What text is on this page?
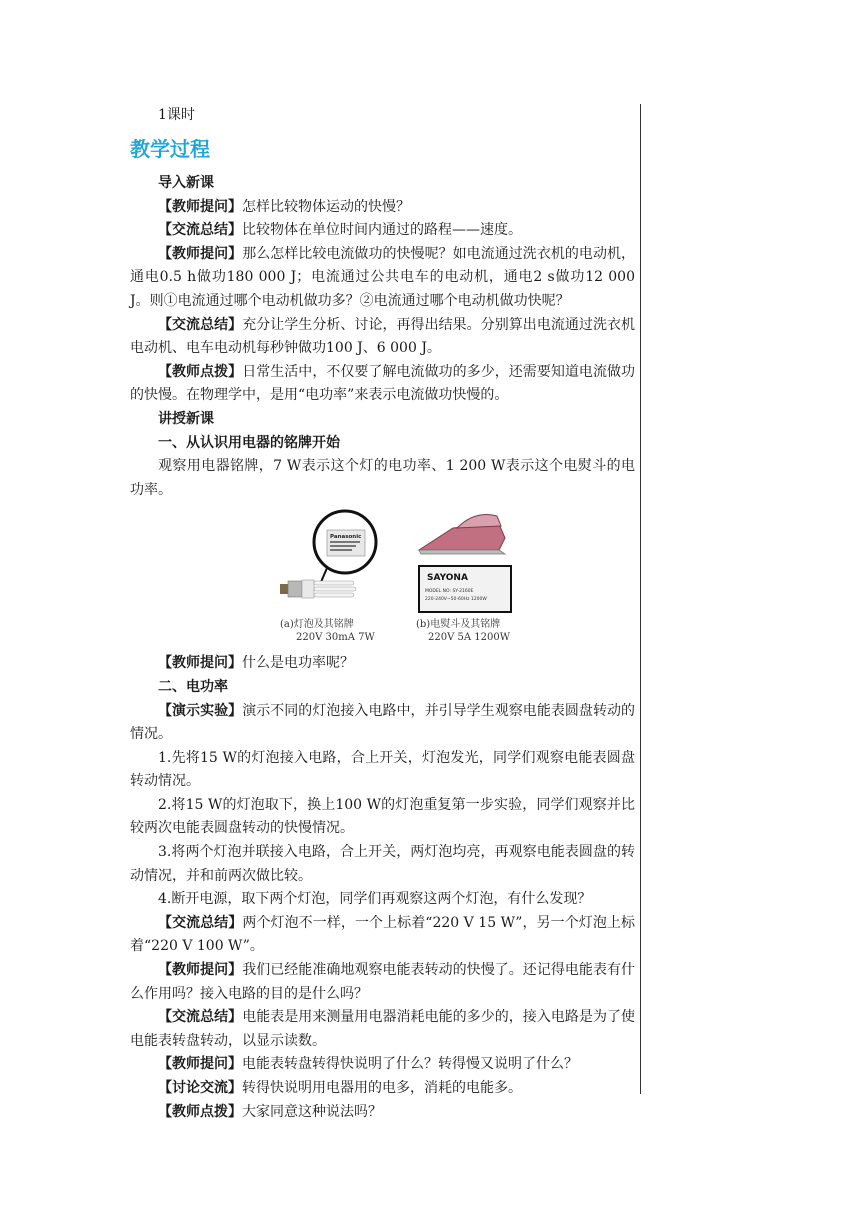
1课时

教学过程

导入新课

【教师提问】怎样比较物体运动的快慢？

【交流总结】比较物体在单位时间内通过的路程——速度。

【教师提问】那么怎样比较电流做功的快慢呢？如电流通过洗衣机的电动机，通电0.5 h做功180 000 J；电流通过公共电车的电动机，通电2 s做功12 000 J。则①电流通过哪个电动机做功多？②电流通过哪个电动机做功快呢？

【交流总结】充分让学生分析、讨论，再得出结果。分别算出电流通过洗衣机电动机、电车电动机每秒钟做功100 J、6 000 J。

【教师点拨】日常生活中，不仅要了解电流做功的多少，还需要知道电流做功的快慢。在物理学中，是用“电功率”来表示电流做功快慢的。

讲授新课

一、从认识用电器的铭牌开始

观察用电器铭牌，7 W表示这个灯的电功率、1 200 W表示这个电熨斗的电功率。

Panasonic
(a)灯泡及其铭牌
220V 30mA 7W
SAYONA
MODEL NO: SY-2160E
220-240V~50-60Hz 1200W
(b)电熨斗及其铭牌
220V 5A 1200W

【教师提问】什么是电功率呢？

二、电功率

【演示实验】演示不同的灯泡接入电路中，并引导学生观察电能表圆盘转动的情况。

1.先将15 W的灯泡接入电路，合上开关，灯泡发光，同学们观察电能表圆盘转动情况。

2.将15 W的灯泡取下，换上100 W的灯泡重复第一步实验，同学们观察并比较两次电能表圆盘转动的快慢情况。

3.将两个灯泡并联接入电路，合上开关，两灯泡均亮，再观察电能表圆盘的转动情况，并和前两次做比较。

4.断开电源，取下两个灯泡，同学们再观察这两个灯泡，有什么发现？

【交流总结】两个灯泡不一样，一个上标着“220 V 15 W”，另一个灯泡上标着“220 V 100 W”。

【教师提问】我们已经能准确地观察电能表转动的快慢了。还记得电能表有什么作用吗？接入电路的目的是什么吗？

【交流总结】电能表是用来测量用电器消耗电能的多少的，接入电路是为了使电能表转盘转动，以显示读数。

【教师提问】电能表转盘转得快说明了什么？转得慢又说明了什么？

【讨论交流】转得快说明用电器用的电多，消耗的电能多。

【教师点拨】大家同意这种说法吗？
